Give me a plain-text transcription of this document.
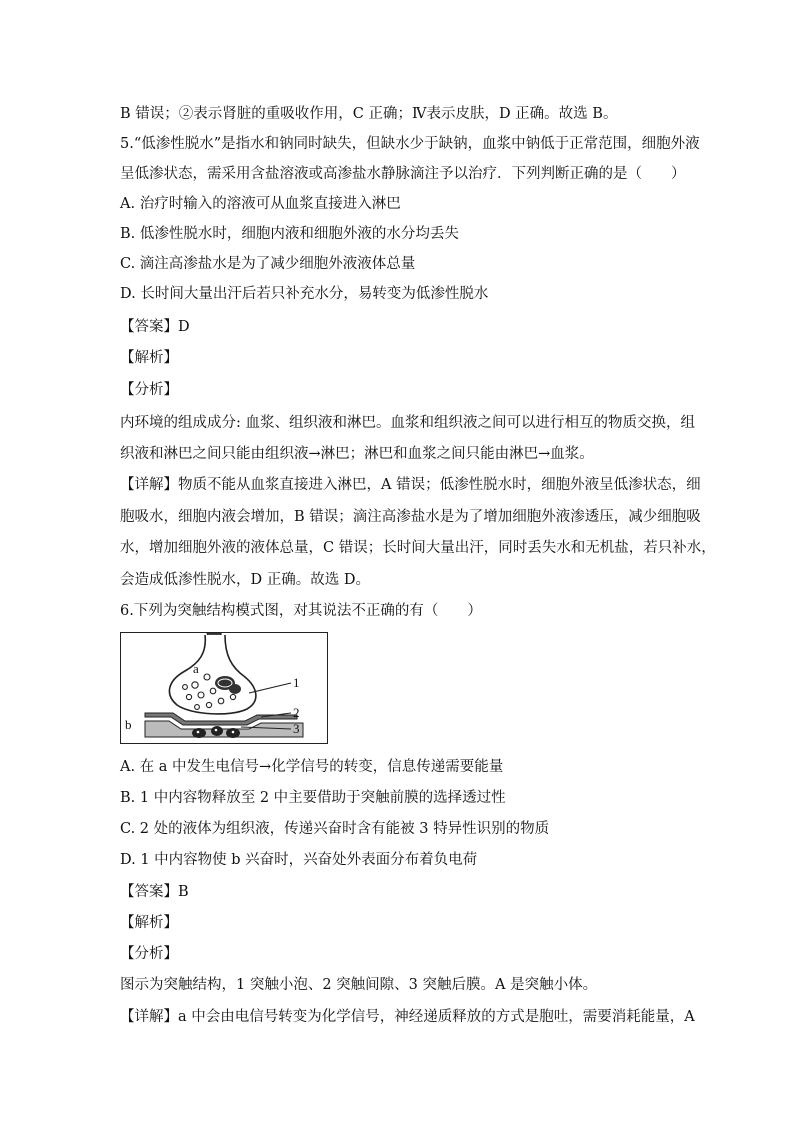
B 错误；②表示肾脏的重吸收作用，C 正确；Ⅳ表示皮肤，D 正确。故选 B。
5.“低渗性脱水”是指水和钠同时缺失，但缺水少于缺钠，血浆中钠低于正常范围，细胞外液
呈低渗状态，需采用含盐溶液或高渗盐水静脉滴注予以治疗．下列判断正确的是（　　）
A. 治疗时输入的溶液可从血浆直接进入淋巴
B. 低渗性脱水时，细胞内液和细胞外液的水分均丢失
C. 滴注高渗盐水是为了减少细胞外液液体总量
D. 长时间大量出汗后若只补充水分，易转变为低渗性脱水
【答案】D
【解析】
【分析】
内环境的组成成分: 血浆、组织液和淋巴。血浆和组织液之间可以进行相互的物质交换，组
织液和淋巴之间只能由组织液→淋巴；淋巴和血浆之间只能由淋巴→血浆。
【详解】物质不能从血浆直接进入淋巴，A 错误；低渗性脱水时，细胞外液呈低渗状态，细
胞吸水，细胞内液会增加，B 错误；滴注高渗盐水是为了增加细胞外液渗透压，减少细胞吸
水，增加细胞外液的液体总量，C 错误；长时间大量出汗，同时丢失水和无机盐，若只补水，
会造成低渗性脱水，D 正确。故选 D。
6.下列为突触结构模式图，对其说法不正确的有（　　）
a
b
1
2
3
A. 在 a 中发生电信号→化学信号的转变，信息传递需要能量
B. 1 中内容物释放至 2 中主要借助于突触前膜的选择透过性
C. 2 处的液体为组织液，传递兴奋时含有能被 3 特异性识别的物质
D. 1 中内容物使 b 兴奋时，兴奋处外表面分布着负电荷
【答案】B
【解析】
【分析】
图示为突触结构，1 突触小泡、2 突触间隙、3 突触后膜。A 是突触小体。
【详解】a 中会由电信号转变为化学信号，神经递质释放的方式是胞吐，需要消耗能量，A
